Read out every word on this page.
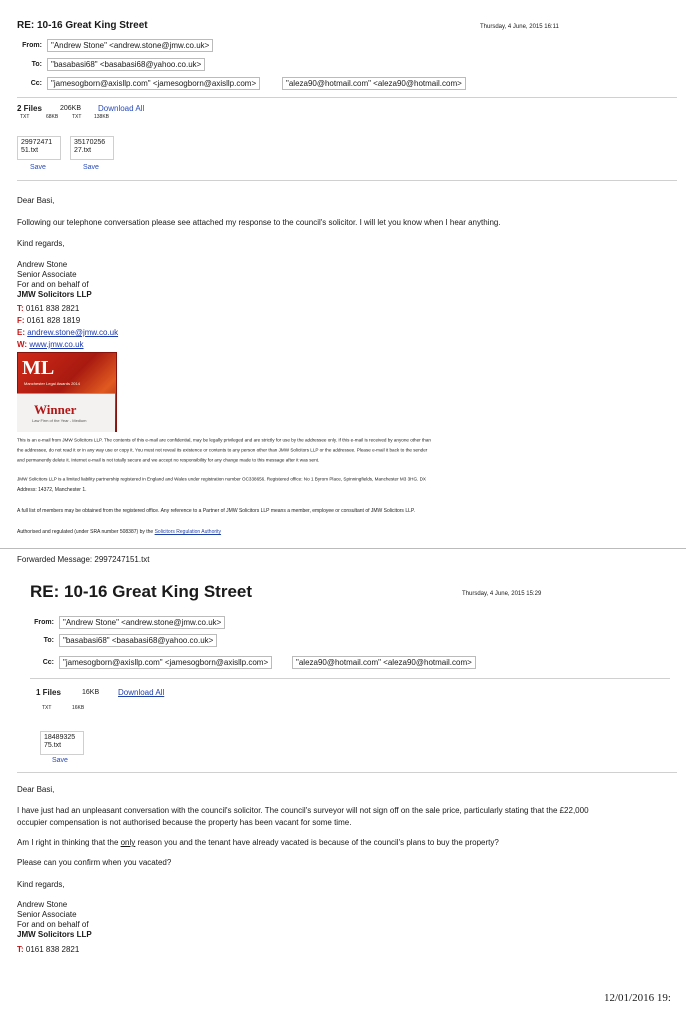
RE: 10-16 Great King Street	Thursday, 4 June, 2015 16:11
From:	"Andrew Stone" <andrew.stone@jmw.co.uk>
To:	"basabasi68" <basabasi68@yahoo.co.uk>
Cc:	"jamesogborn@axisllp.com" <jamesogborn@axisllp.com>	"aleza90@hotmail.com" <aleza90@hotmail.com>
2 Files	206KB Download All
TXT	68KB	TXT	138KB
29972471
51.txt
35170256
27.txt
Save	Save
Dear Basi,
Following our telephone conversation please see attached my response to the council's solicitor. I will let you know when I hear anything.
Kind regards,
Andrew Stone
Senior Associate
For and on behalf of
JMW Solicitors LLP
T: 0161 838 2821
F: 0161 828 1819
E: andrew.stone@jmw.co.uk
W: www.jmw.co.uk
ML
Manchester Legal Awards 2014
Winner
Law Firm of the Year - Medium
This is an e-mail from JMW Solicitors LLP. The contents of this e-mail are confidential, may be legally privileged and are strictly for use by the addressee only. If this e-mail is received by anyone other than
the addressee, do not read it or in any way use or copy it. You must not reveal its existence or contents to any person other than JMW Solicitors LLP or the addressee. Please e-mail it back to the sender
and permanently delete it. Internet e-mail is not totally secure and we accept no responsibility for any change made to this message after it was sent.
JMW Solicitors LLP is a limited liability partnership registered in England and Wales under registration number OC338656. Registered office: No 1 Byrom Place, Spinningfields, Manchester M3 3HG. DX
Address: 14372, Manchester 1.
A full list of members may be obtained from the registered office. Any reference to a Partner of JMW Solicitors LLP means a member, employee or consultant of JMW Solicitors LLP.
Authorised and regulated (under SRA number 508387) by the Solicitors Regulation Authority
Forwarded Message: 2997247151.txt
RE: 10-16 Great King Street	Thursday, 4 June, 2015 15:29
From:	"Andrew Stone" <andrew.stone@jmw.co.uk>
To:	"basabasi68" <basabasi68@yahoo.co.uk>
Cc:	"jamesogborn@axisllp.com" <jamesogborn@axisllp.com>	"aleza90@hotmail.com" <aleza90@hotmail.com>
1 Files	16KB Download All
TXT	16KB
18489325
75.txt
Save
Dear Basi,
I have just had an unpleasant conversation with the council's solicitor. The council's surveyor will not sign off on the sale price, particularly stating that the £22,000 occupier compensation is not authorised because the property has been vacant for some time.
Am I right in thinking that the only reason you and the tenant have already vacated is because of the council's plans to buy the property?
Please can you confirm when you vacated?
Kind regards,
Andrew Stone
Senior Associate
For and on behalf of
JMW Solicitors LLP
T: 0161 838 2821
12/01/2016 19:
